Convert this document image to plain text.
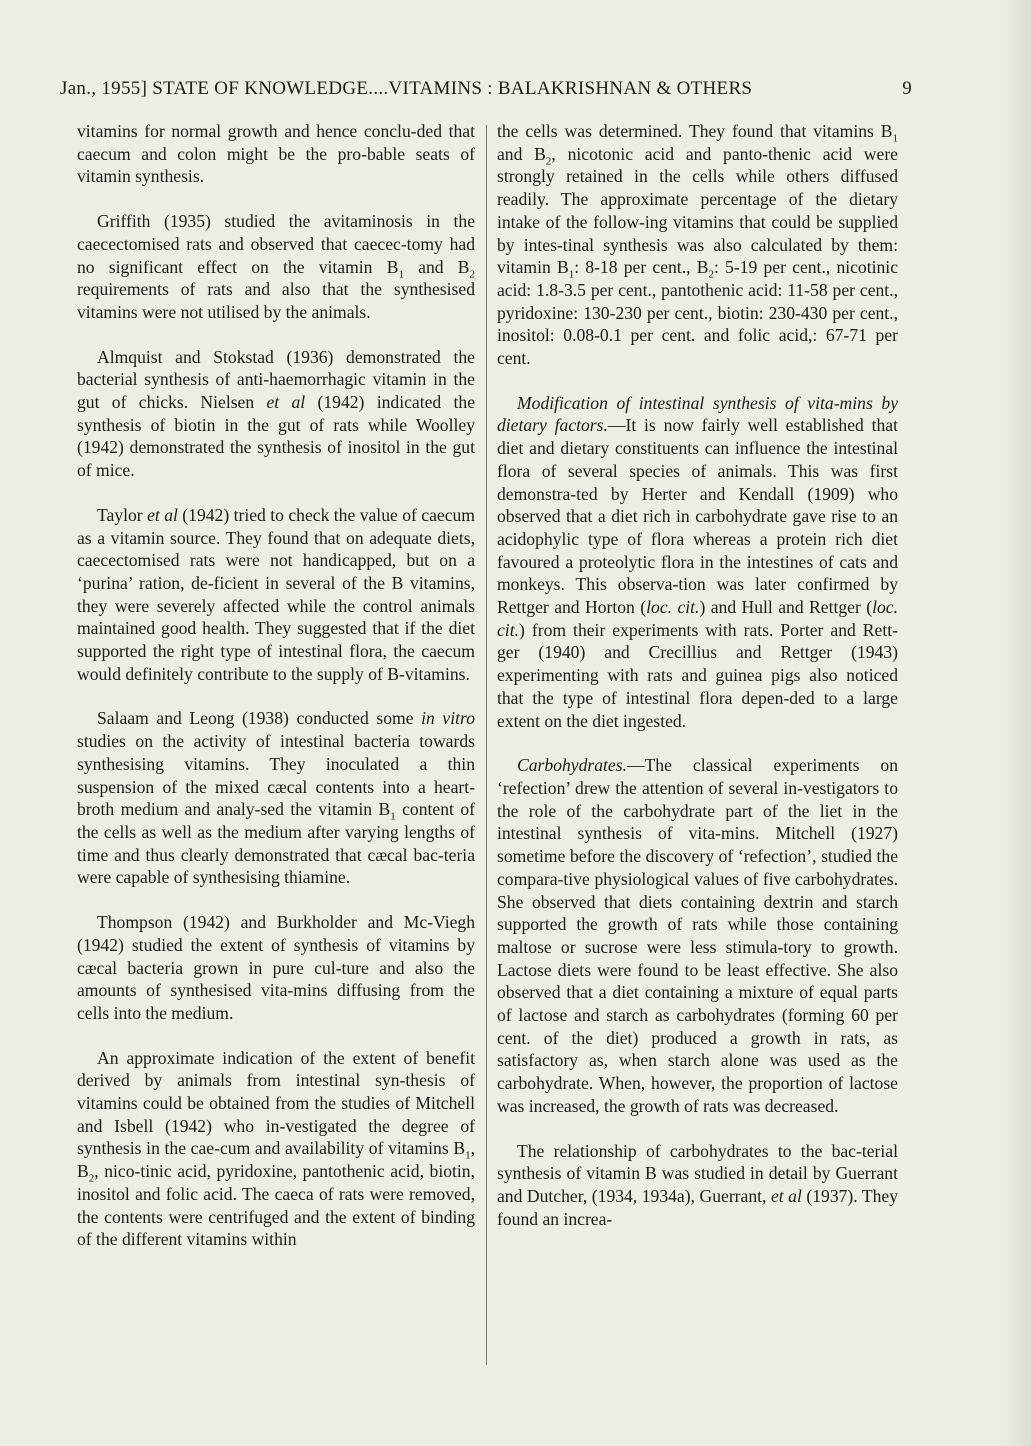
Jan., 1955] STATE OF KNOWLEDGE....VITAMINS : BALAKRISHNAN & OTHERS	9

vitamins for normal growth and hence conclu-ded that caecum and colon might be the pro-bable seats of vitamin synthesis.

Griffith (1935) studied the avitaminosis in the caecectomised rats and observed that caecec-tomy had no significant effect on the vitamin $B_1$ and $B_2$ requirements of rats and also that the synthesised vitamins were not utilised by the animals.

Almquist and Stokstad (1936) demonstrated the bacterial synthesis of anti-haemorrhagic vitamin in the gut of chicks. Nielsen et al (1942) indicated the synthesis of biotin in the gut of rats while Woolley (1942) demonstrated the synthesis of inositol in the gut of mice.

Taylor et al (1942) tried to check the value of caecum as a vitamin source. They found that on adequate diets, caecectomised rats were not handicapped, but on a ‘purina’ ration, de-ficient in several of the B vitamins, they were severely affected while the control animals maintained good health. They suggested that if the diet supported the right type of intestinal flora, the caecum would definitely contribute to the supply of B-vitamins.

Salaam and Leong (1938) conducted some in vitro studies on the activity of intestinal bacteria towards synthesising vitamins. They inoculated a thin suspension of the mixed cæcal contents into a heart-broth medium and analy-sed the vitamin $B_1$ content of the cells as well as the medium after varying lengths of time and thus clearly demonstrated that cæcal bac-teria were capable of synthesising thiamine.

Thompson (1942) and Burkholder and Mc-Viegh (1942) studied the extent of synthesis of vitamins by cæcal bacteria grown in pure cul-ture and also the amounts of synthesised vita-mins diffusing from the cells into the medium.

An approximate indication of the extent of benefit derived by animals from intestinal syn-thesis of vitamins could be obtained from the studies of Mitchell and Isbell (1942) who in-vestigated the degree of synthesis in the cae-cum and availability of vitamins $B_1$, $B_2$, nico-tinic acid, pyridoxine, pantothenic acid, biotin, inositol and folic acid. The caeca of rats were removed, the contents were centrifuged and the extent of binding of the different vitamins within

the cells was determined. They found that vitamins $B_1$ and $B_2$, nicotonic acid and panto-thenic acid were strongly retained in the cells while others diffused readily. The approximate percentage of the dietary intake of the follow-ing vitamins that could be supplied by intes-tinal synthesis was also calculated by them: vitamin $B_1$: 8-18 per cent., $B_2$: 5-19 per cent., nicotinic acid: 1.8-3.5 per cent., pantothenic acid: 11-58 per cent., pyridoxine: 130-230 per cent., biotin: 230-430 per cent., inositol: 0.08-0.1 per cent. and folic acid,: 67-71 per cent.

Modification of intestinal synthesis of vita-mins by dietary factors.—It is now fairly well established that diet and dietary constituents can influence the intestinal flora of several species of animals. This was first demonstra-ted by Herter and Kendall (1909) who observed that a diet rich in carbohydrate gave rise to an acidophylic type of flora whereas a protein rich diet favoured a proteolytic flora in the intestines of cats and monkeys. This observa-tion was later confirmed by Rettger and Horton (loc. cit.) and Hull and Rettger (loc. cit.) from their experiments with rats. Porter and Rett-ger (1940) and Crecillius and Rettger (1943) experimenting with rats and guinea pigs also noticed that the type of intestinal flora depen-ded to a large extent on the diet ingested.

Carbohydrates.—The classical experiments on ‘refection’ drew the attention of several in-vestigators to the role of the carbohydrate part of the liet in the intestinal synthesis of vita-mins. Mitchell (1927) sometime before the discovery of ‘refection’, studied the compara-tive physiological values of five carbohydrates. She observed that diets containing dextrin and starch supported the growth of rats while those containing maltose or sucrose were less stimula-tory to growth. Lactose diets were found to be least effective. She also observed that a diet containing a mixture of equal parts of lactose and starch as carbohydrates (forming 60 per cent. of the diet) produced a growth in rats, as satisfactory as, when starch alone was used as the carbohydrate. When, however, the proportion of lactose was increased, the growth of rats was decreased.

The relationship of carbohydrates to the bac-terial synthesis of vitamin B was studied in detail by Guerrant and Dutcher, (1934, 1934a), Guerrant, et al (1937). They found an increa-
